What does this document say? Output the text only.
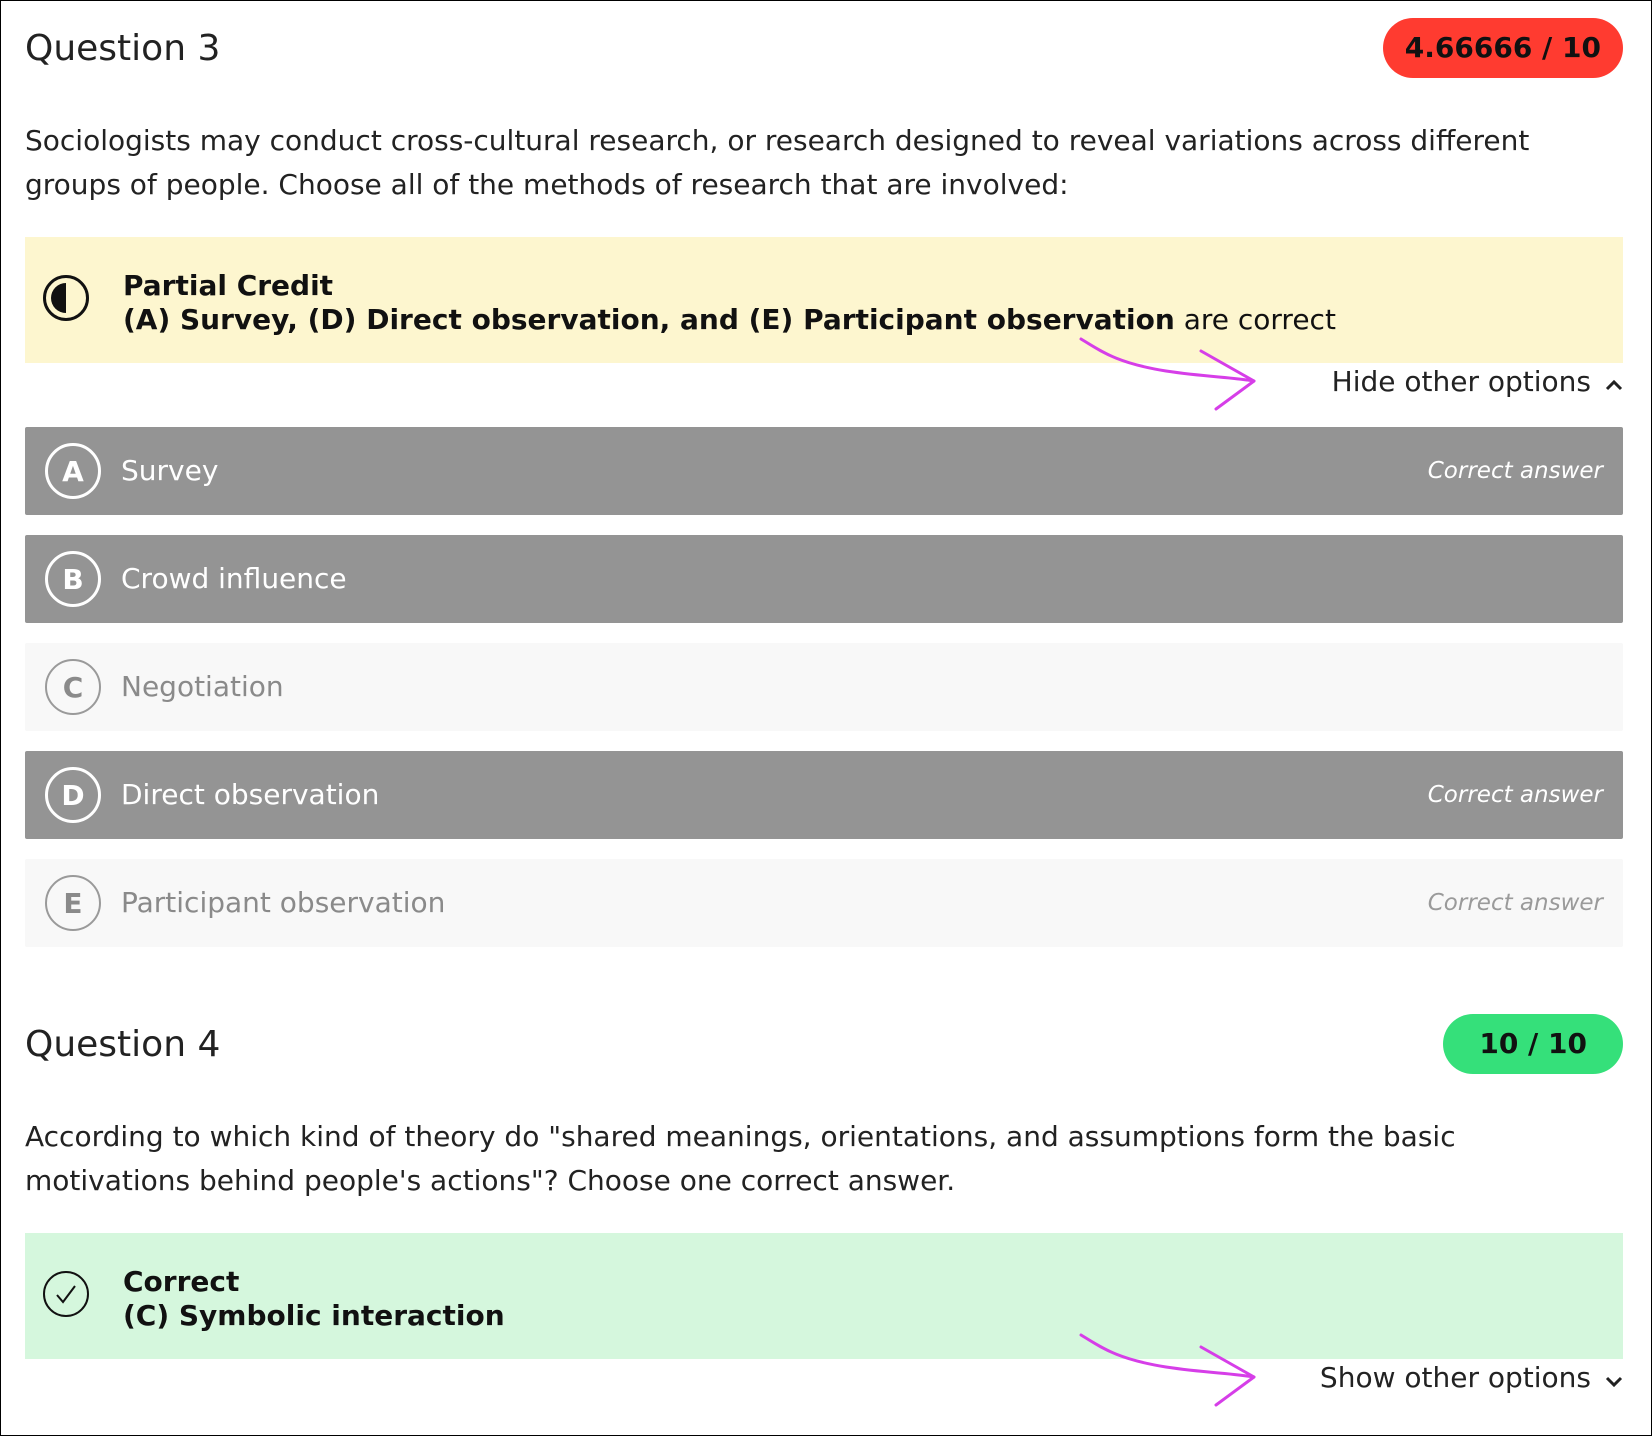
Question 3	4.66666 / 10

Sociologists may conduct cross-cultural research, or research designed to reveal variations across different groups of people. Choose all of the methods of research that are involved:

Partial Credit
(A) Survey, (D) Direct observation, and (E) Participant observation are correct
Hide other options
A	Survey	Correct answer
B	Crowd influence
C	Negotiation
D	Direct observation	Correct answer
E	Participant observation	Correct answer
Question 4	10 / 10

According to which kind of theory do "shared meanings, orientations, and assumptions form the basic motivations behind people's actions"? Choose one correct answer.

Correct
(C) Symbolic interaction
Show other options
